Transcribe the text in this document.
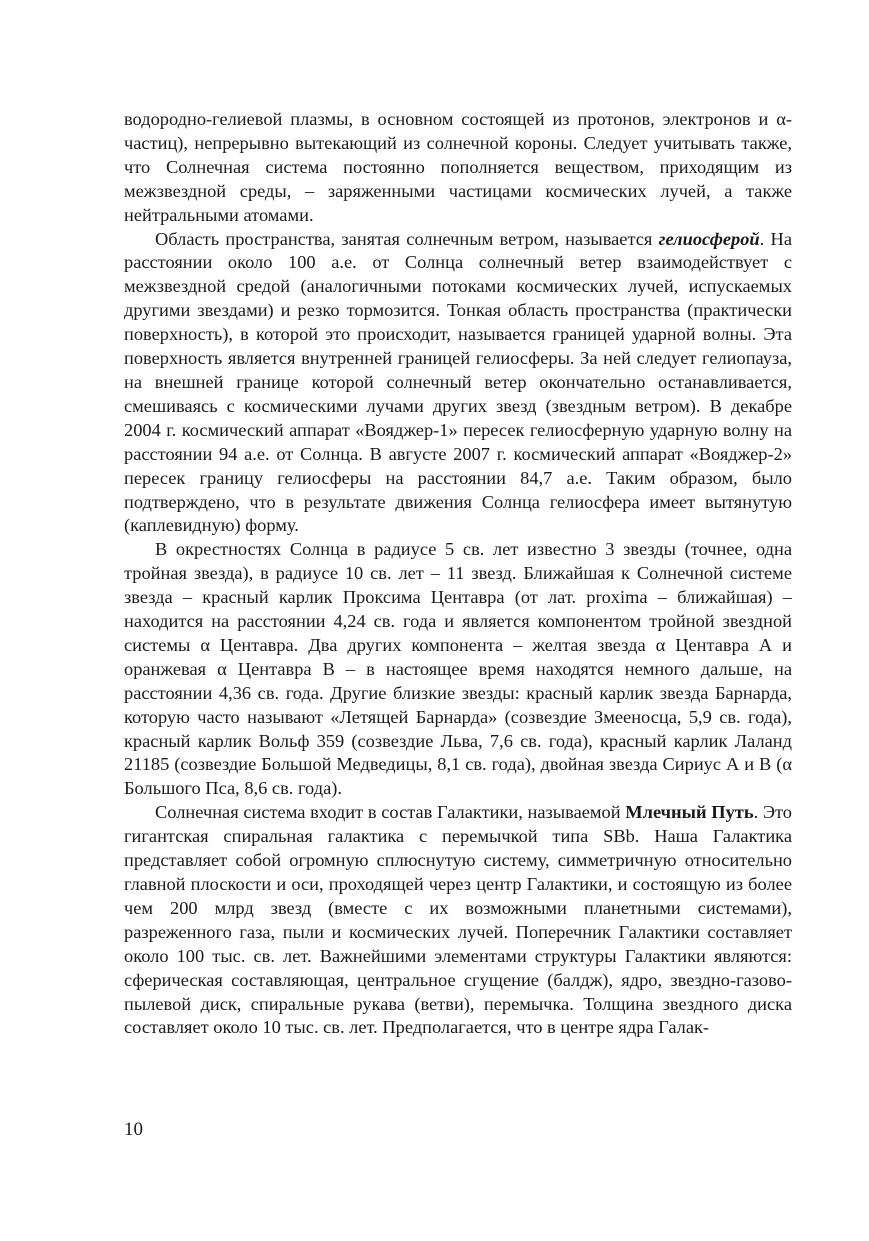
водородно-гелиевой плазмы, в основном состоящей из протонов, электронов и α-частиц), непрерывно вытекающий из солнечной короны. Следует учитывать также, что Солнечная система постоянно пополняется веществом, приходящим из межзвездной среды, – заряженными частицами космических лучей, а также нейтральными атомами.

Область пространства, занятая солнечным ветром, называется гелиосферой. На расстоянии около 100 а.е. от Солнца солнечный ветер взаимодействует с межзвездной средой (аналогичными потоками космических лучей, испускаемых другими звездами) и резко тормозится. Тонкая область пространства (практически поверхность), в которой это происходит, называется границей ударной волны. Эта поверхность является внутренней границей гелиосферы. За ней следует гелиопауза, на внешней границе которой солнечный ветер окончательно останавливается, смешиваясь с космическими лучами других звезд (звездным ветром). В декабре 2004 г. космический аппарат «Вояджер-1» пересек гелиосферную ударную волну на расстоянии 94 а.е. от Солнца. В августе 2007 г. космический аппарат «Вояджер-2» пересек границу гелиосферы на расстоянии 84,7 а.е. Таким образом, было подтверждено, что в результате движения Солнца гелиосфера имеет вытянутую (каплевидную) форму.

В окрестностях Солнца в радиусе 5 св. лет известно 3 звезды (точнее, одна тройная звезда), в радиусе 10 св. лет – 11 звезд. Ближайшая к Солнечной системе звезда – красный карлик Проксима Центавра (от лат. proxima – ближайшая) – находится на расстоянии 4,24 св. года и является компонентом тройной звездной системы α Центавра. Два других компонента – желтая звезда α Центавра А и оранжевая α Центавра В – в настоящее время находятся немного дальше, на расстоянии 4,36 св. года. Другие близкие звезды: красный карлик звезда Барнарда, которую часто называют «Летящей Барнарда» (созвездие Змееносца, 5,9 св. года), красный карлик Вольф 359 (созвездие Льва, 7,6 св. года), красный карлик Лаланд 21185 (созвездие Большой Медведицы, 8,1 св. года), двойная звезда Сириус А и В (α Большого Пса, 8,6 св. года).

Солнечная система входит в состав Галактики, называемой Млечный Путь. Это гигантская спиральная галактика с перемычкой типа SBb. Наша Галактика представляет собой огромную сплюснутую систему, симметричную относительно главной плоскости и оси, проходящей через центр Галактики, и состоящую из более чем 200 млрд звезд (вместе с их возможными планетными системами), разреженного газа, пыли и космических лучей. Поперечник Галактики составляет около 100 тыс. св. лет. Важнейшими элементами структуры Галактики являются: сферическая составляющая, центральное сгущение (балдж), ядро, звездно-газово-пылевой диск, спиральные рукава (ветви), перемычка. Толщина звездного диска составляет около 10 тыс. св. лет. Предполагается, что в центре ядра Галак-

10
